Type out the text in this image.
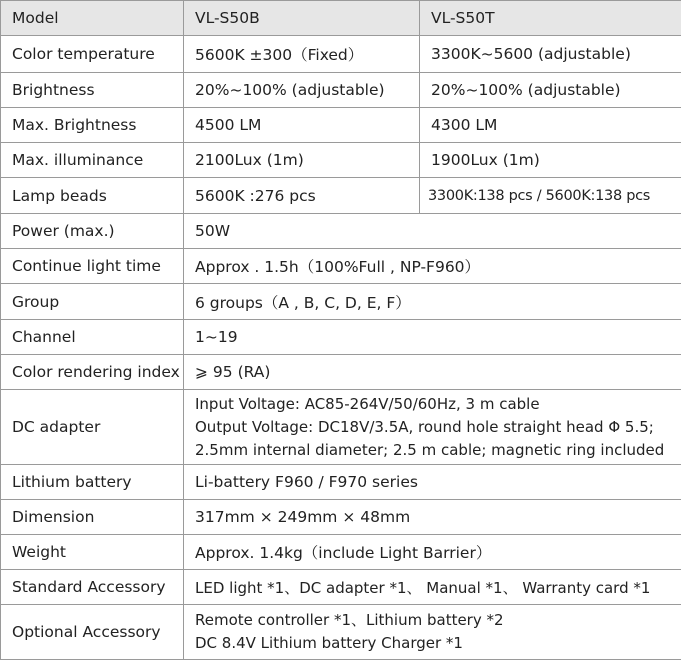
Model	VL-S50B	VL-S50T
Color temperature	5600K ±300（Fixed）	3300K~5600 (adjustable)
Brightness	20%~100% (adjustable)	20%~100% (adjustable)
Max. Brightness	4500 LM	4300 LM
Max. illuminance	2100Lux (1m)	1900Lux (1m)
Lamp beads	5600K :276 pcs	3300K:138 pcs / 5600K:138 pcs
Power (max.)	50W	
Continue light time	Approx . 1.5h（100%Full , NP-F960）	
Group	6 groups（A , B, C, D, E, F）	
Channel	1~19	
Color rendering index	⩾ 95 (RA)	
DC adapter	Input Voltage: AC85-264V/50/60Hz, 3 m cable
Output Voltage: DC18V/3.5A, round hole straight head Φ 5.5;
2.5mm internal diameter; 2.5 m cable; magnetic ring included	

Lithium battery	Li-battery F960 / F970 series	
Dimension	317mm × 249mm × 48mm	
Weight	Approx. 1.4kg（include Light Barrier）	
Standard Accessory	LED light *1、DC adapter *1、 Manual *1、 Warranty card *1	
Optional Accessory	Remote controller *1、Lithium battery *2
DC 8.4V Lithium battery Charger *1	
